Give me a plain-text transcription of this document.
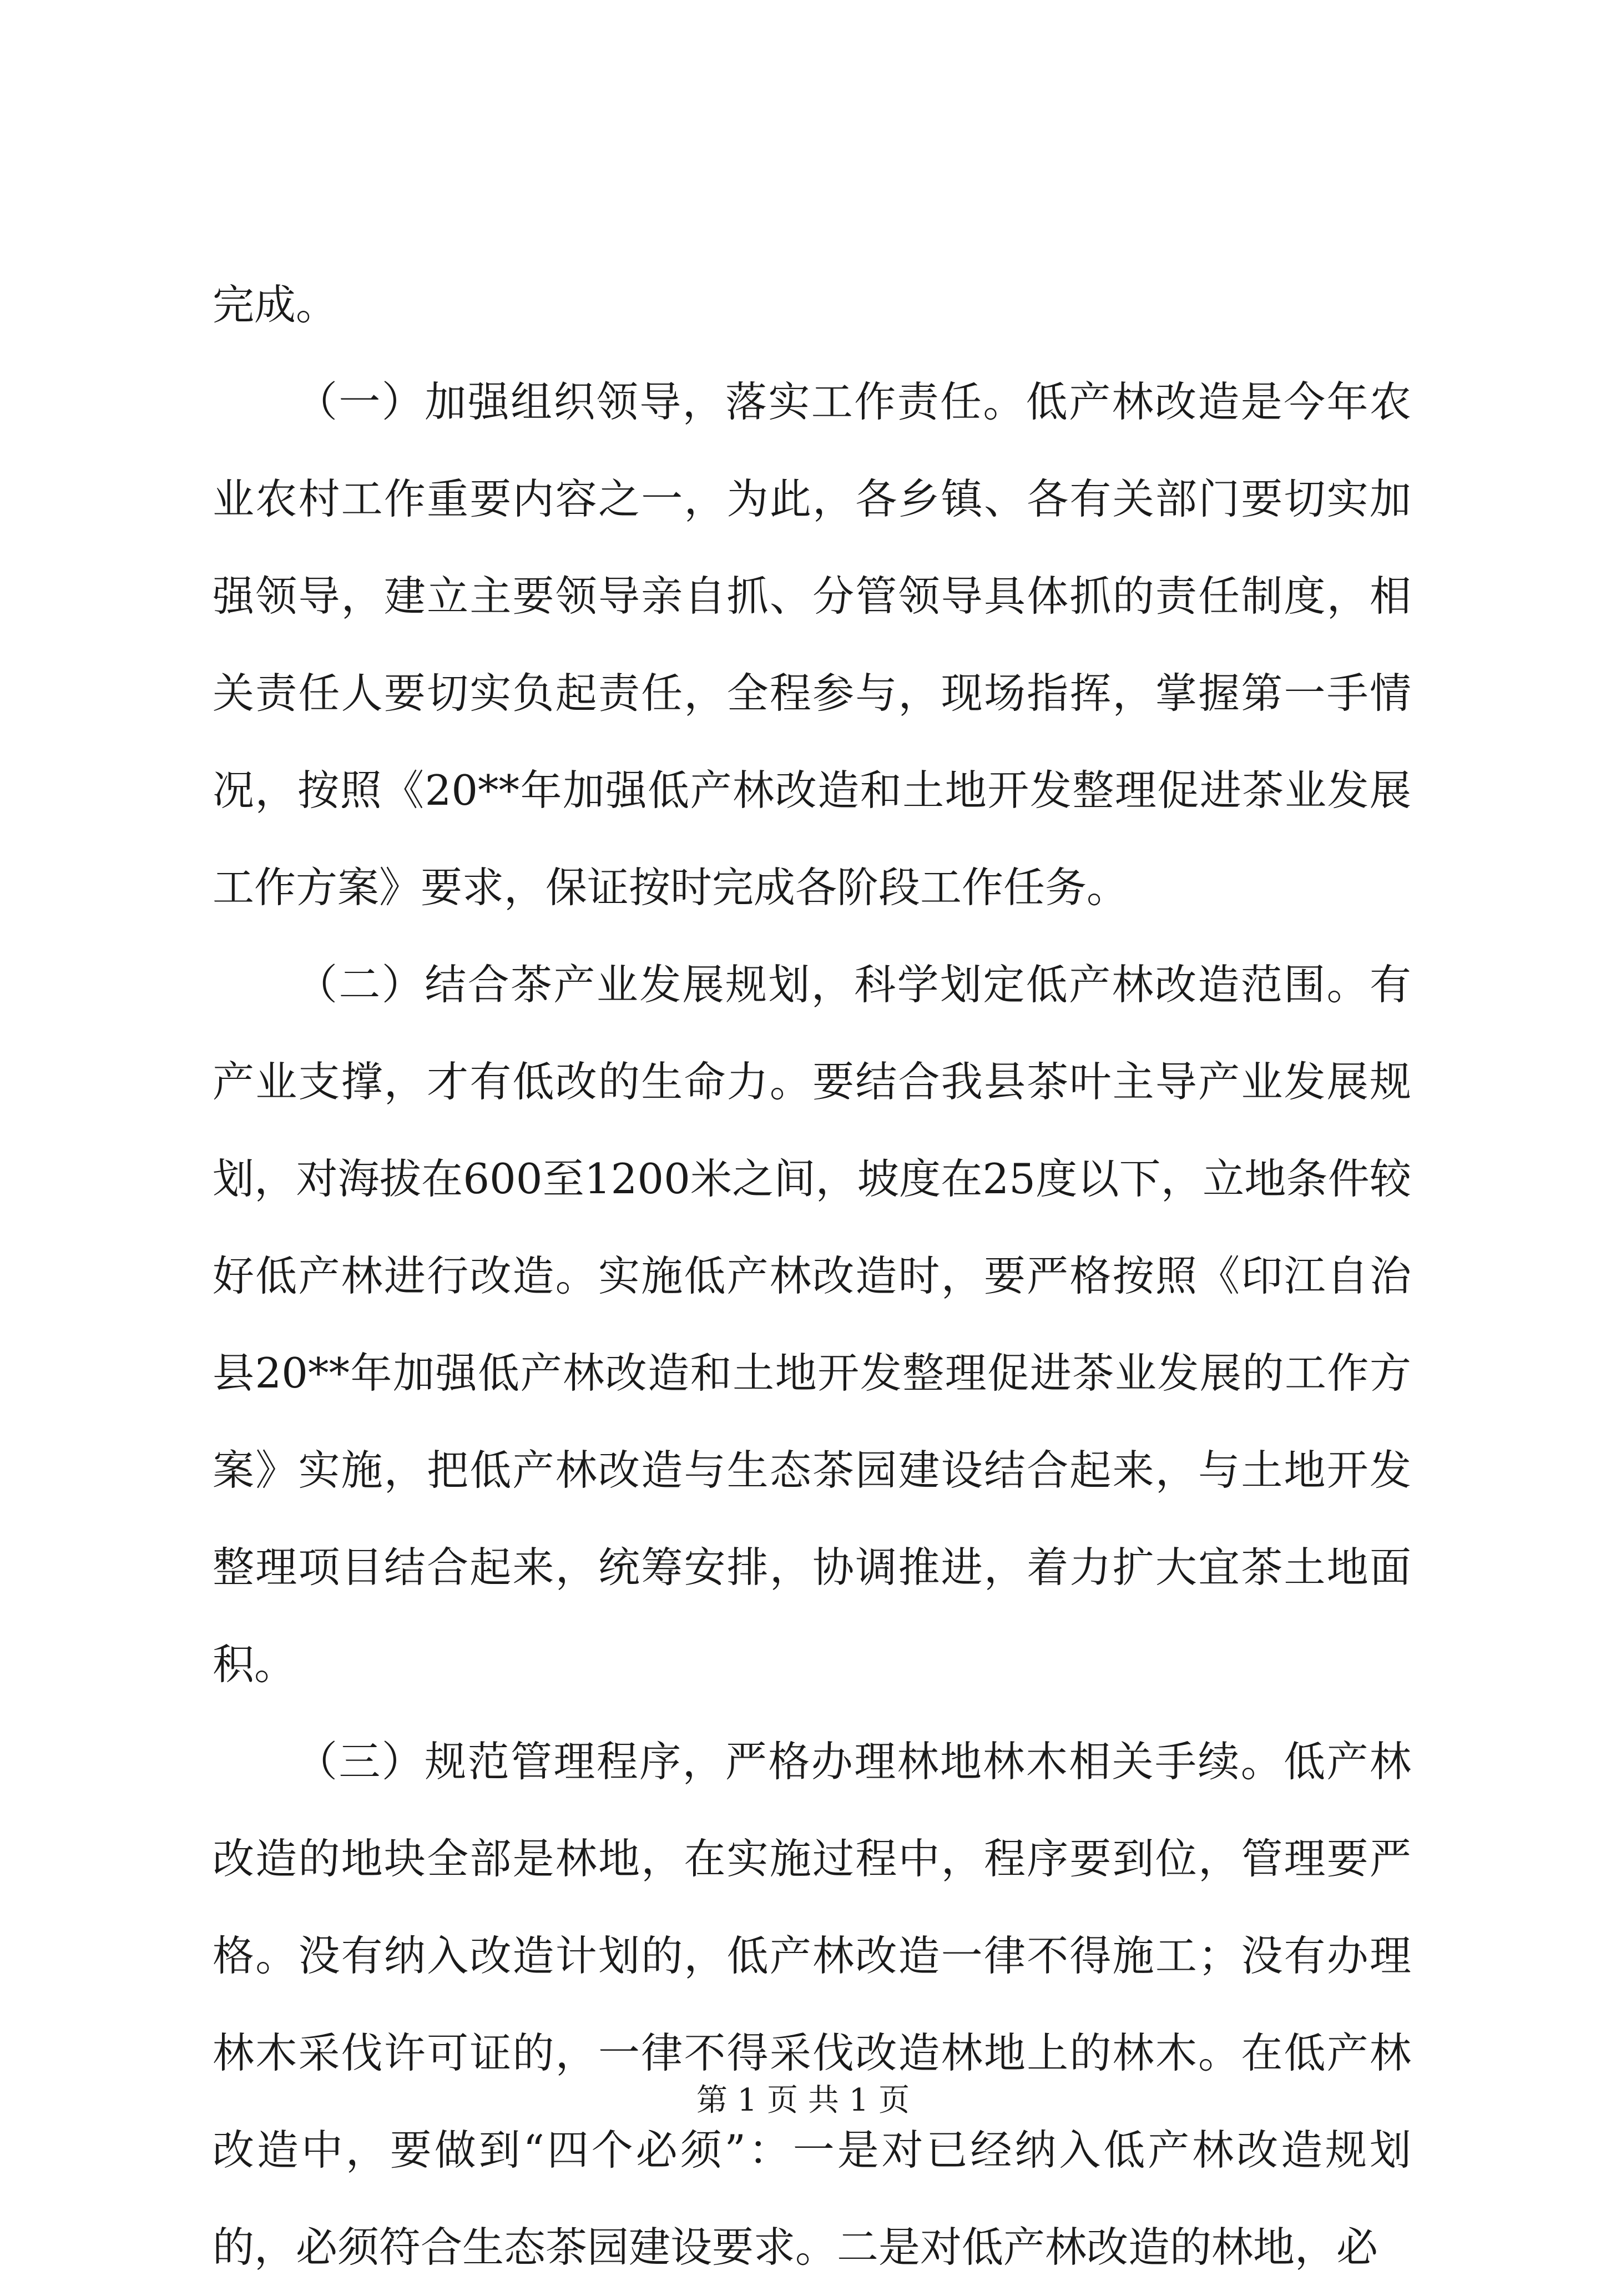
完成。

（一）加强组织领导，落实工作责任。低产林改造是今年农业农村工作重要内容之一，为此，各乡镇、各有关部门要切实加强领导，建立主要领导亲自抓、分管领导具体抓的责任制度，相关责任人要切实负起责任，全程参与，现场指挥，掌握第一手情况，按照《20**年加强低产林改造和土地开发整理促进茶业发展工作方案》要求，保证按时完成各阶段工作任务。

（二）结合茶产业发展规划，科学划定低产林改造范围。有产业支撑，才有低改的生命力。要结合我县茶叶主导产业发展规划，对海拔在600至1200米之间，坡度在25度以下，立地条件较好低产林进行改造。实施低产林改造时，要严格按照《印江自治县20**年加强低产林改造和土地开发整理促进茶业发展的工作方案》实施，把低产林改造与生态茶园建设结合起来，与土地开发整理项目结合起来，统筹安排，协调推进，着力扩大宜茶土地面积。

（三）规范管理程序，严格办理林地林木相关手续。低产林改造的地块全部是林地，在实施过程中，程序要到位，管理要严格。没有纳入改造计划的，低产林改造一律不得施工；没有办理林木采伐许可证的，一律不得采伐改造林地上的林木。在低产林改造中，要做到“四个必须”：一是对已经纳入低产林改造规划的，必须符合生态茶园建设要求。二是对低产林改造的林地，必

第 1 页 共 1 页
